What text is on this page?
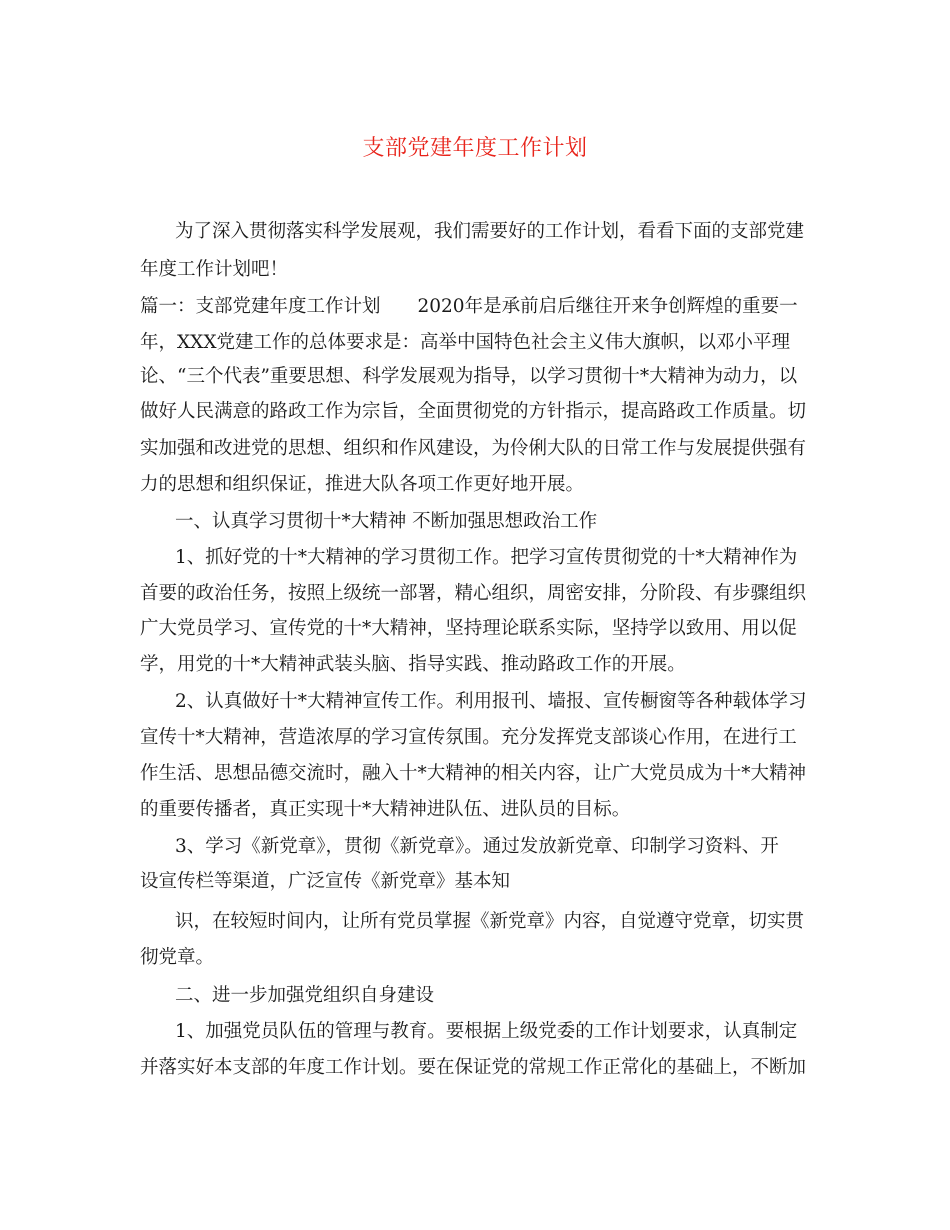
支部党建年度工作计划
为了深入贯彻落实科学发展观，我们需要好的工作计划，看看下面的支部党建
年度工作计划吧！
篇一：支部党建年度工作计划　　2020年是承前启后继往开来争创辉煌的重要一
年，XXX党建工作的总体要求是：高举中国特色社会主义伟大旗帜，以邓小平理
论、“三个代表”重要思想、科学发展观为指导，以学习贯彻十*大精神为动力，以
做好人民满意的路政工作为宗旨，全面贯彻党的方针指示，提高路政工作质量。切
实加强和改进党的思想、组织和作风建设，为伶俐大队的日常工作与发展提供强有
力的思想和组织保证，推进大队各项工作更好地开展。
一、认真学习贯彻十*大精神 不断加强思想政治工作
1、抓好党的十*大精神的学习贯彻工作。把学习宣传贯彻党的十*大精神作为
首要的政治任务，按照上级统一部署，精心组织，周密安排，分阶段、有步骤组织
广大党员学习、宣传党的十*大精神，坚持理论联系实际，坚持学以致用、用以促
学，用党的十*大精神武装头脑、指导实践、推动路政工作的开展。
2、认真做好十*大精神宣传工作。利用报刊、墙报、宣传橱窗等各种载体学习
宣传十*大精神，营造浓厚的学习宣传氛围。充分发挥党支部谈心作用，在进行工
作生活、思想品德交流时，融入十*大精神的相关内容，让广大党员成为十*大精神
的重要传播者，真正实现十*大精神进队伍、进队员的目标。
3、学习《新党章》，贯彻《新党章》。通过发放新党章、印制学习资料、开
设宣传栏等渠道，广泛宣传《新党章》基本知
识，在较短时间内，让所有党员掌握《新党章》内容，自觉遵守党章，切实贯
彻党章。
二、进一步加强党组织自身建设
1、加强党员队伍的管理与教育。要根据上级党委的工作计划要求，认真制定
并落实好本支部的年度工作计划。要在保证党的常规工作正常化的基础上，不断加
